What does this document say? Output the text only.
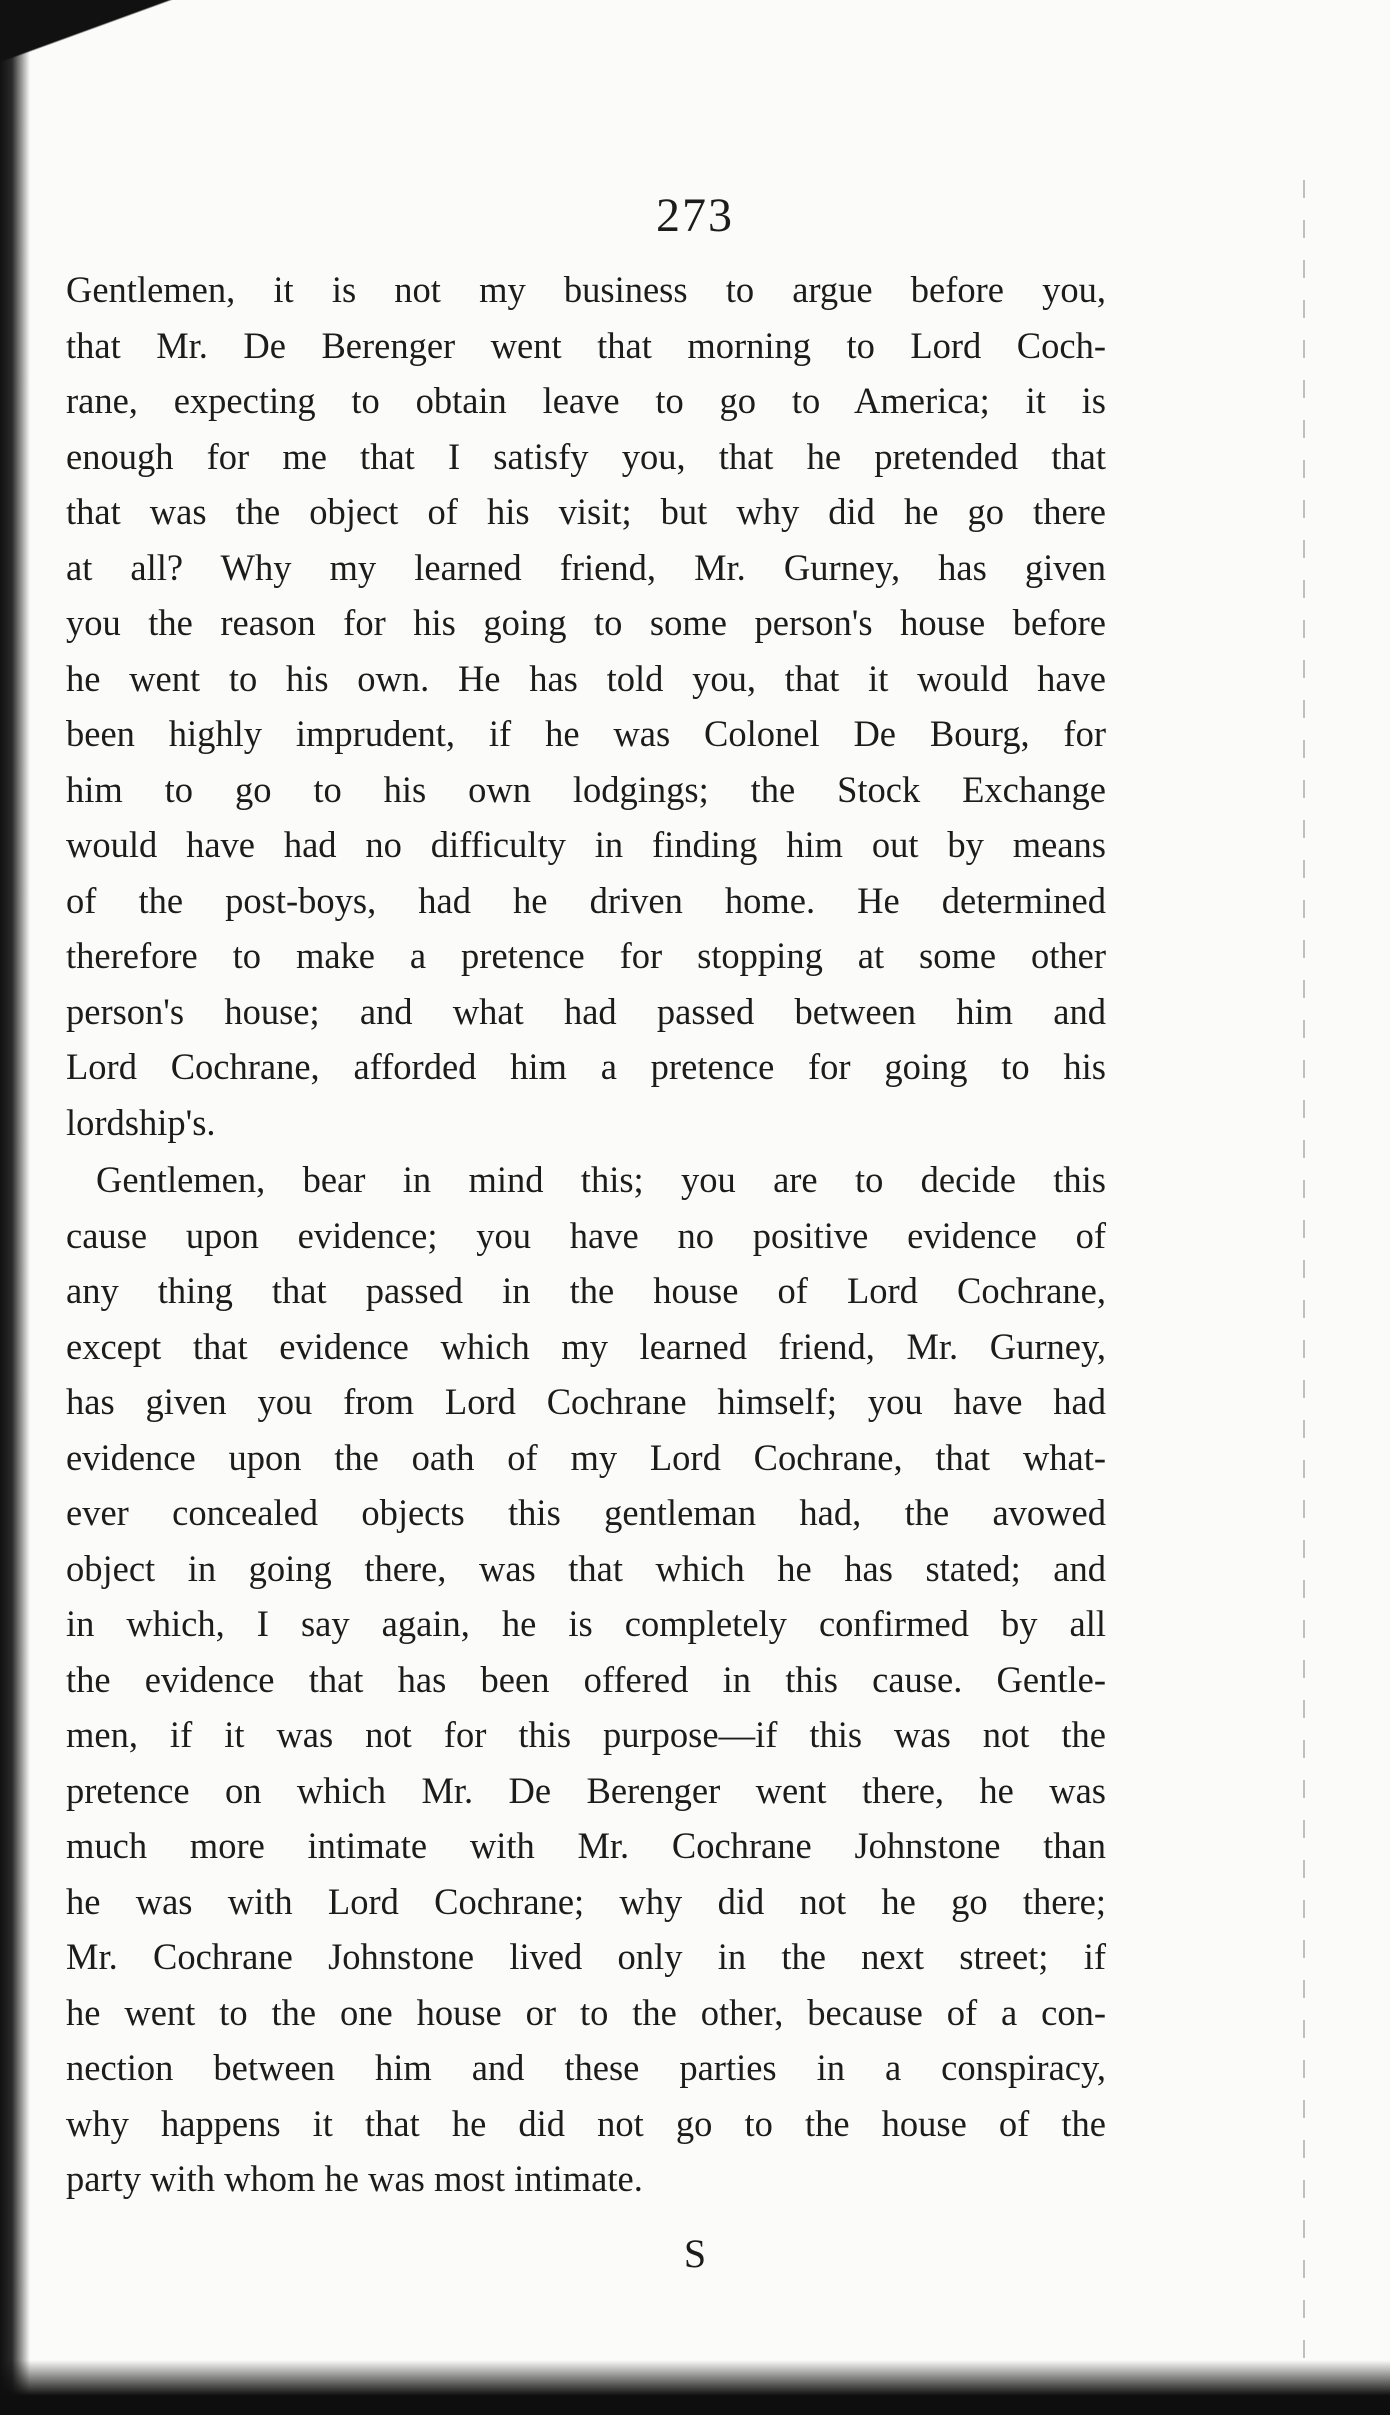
273
Gentlemen, it is not my business to argue before you,
that Mr. De Berenger went that morning to Lord Coch-
rane, expecting to obtain leave to go to America; it is
enough for me that I satisfy you, that he pretended that
that was the object of his visit; but why did he go there
at all? Why my learned friend, Mr. Gurney, has given
you the reason for his going to some person's house before
he went to his own. He has told you, that it would have
been highly imprudent, if he was Colonel De Bourg, for
him to go to his own lodgings; the Stock Exchange
would have had no difficulty in finding him out by means
of the post-boys, had he driven home. He determined
therefore to make a pretence for stopping at some other
person's house; and what had passed between him and
Lord Cochrane, afforded him a pretence for going to his
lordship's.
Gentlemen, bear in mind this; you are to decide this
cause upon evidence; you have no positive evidence of
any thing that passed in the house of Lord Cochrane,
except that evidence which my learned friend, Mr. Gurney,
has given you from Lord Cochrane himself; you have had
evidence upon the oath of my Lord Cochrane, that what-
ever concealed objects this gentleman had, the avowed
object in going there, was that which he has stated; and
in which, I say again, he is completely confirmed by all
the evidence that has been offered in this cause. Gentle-
men, if it was not for this purpose—if this was not the
pretence on which Mr. De Berenger went there, he was
much more intimate with Mr. Cochrane Johnstone than
he was with Lord Cochrane; why did not he go there;
Mr. Cochrane Johnstone lived only in the next street; if
he went to the one house or to the other, because of a con-
nection between him and these parties in a conspiracy,
why happens it that he did not go to the house of the
party with whom he was most intimate.
S
